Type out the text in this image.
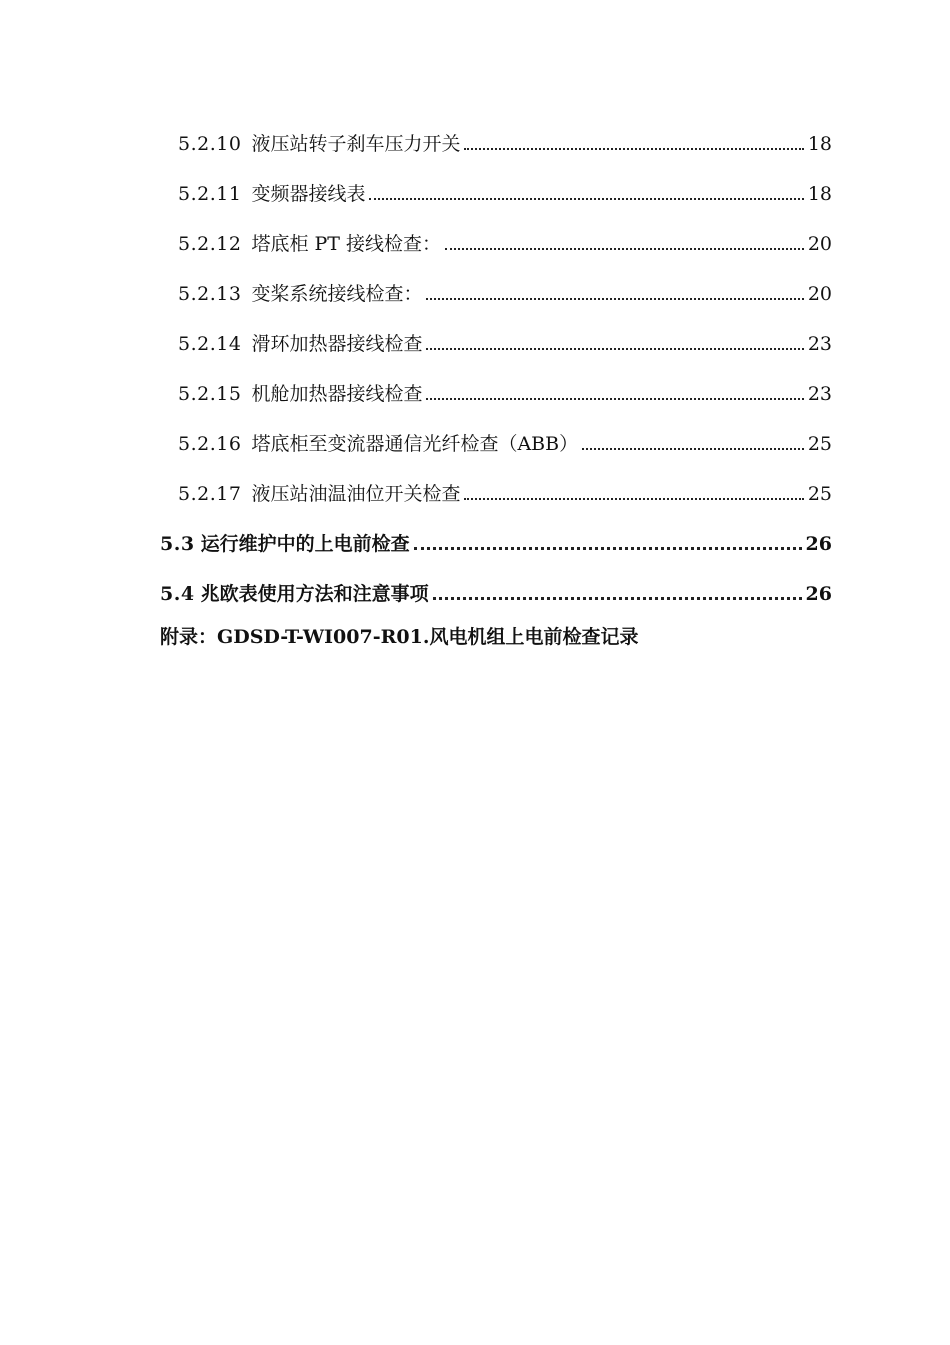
5.2.10 液压站转子刹车压力开关	18
5.2.11 变频器接线表	18
5.2.12 塔底柜 PT 接线检查：	20
5.2.13 变桨系统接线检查：	20
5.2.14 滑环加热器接线检查	23
5.2.15 机舱加热器接线检查	23
5.2.16 塔底柜至变流器通信光纤检查（ABB）	25
5.2.17 液压站油温油位开关检查	25
5.3 运行维护中的上电前检查	26
5.4 兆欧表使用方法和注意事项	26
附录：GDSD-T-WI007-R01.风电机组上电前检查记录
